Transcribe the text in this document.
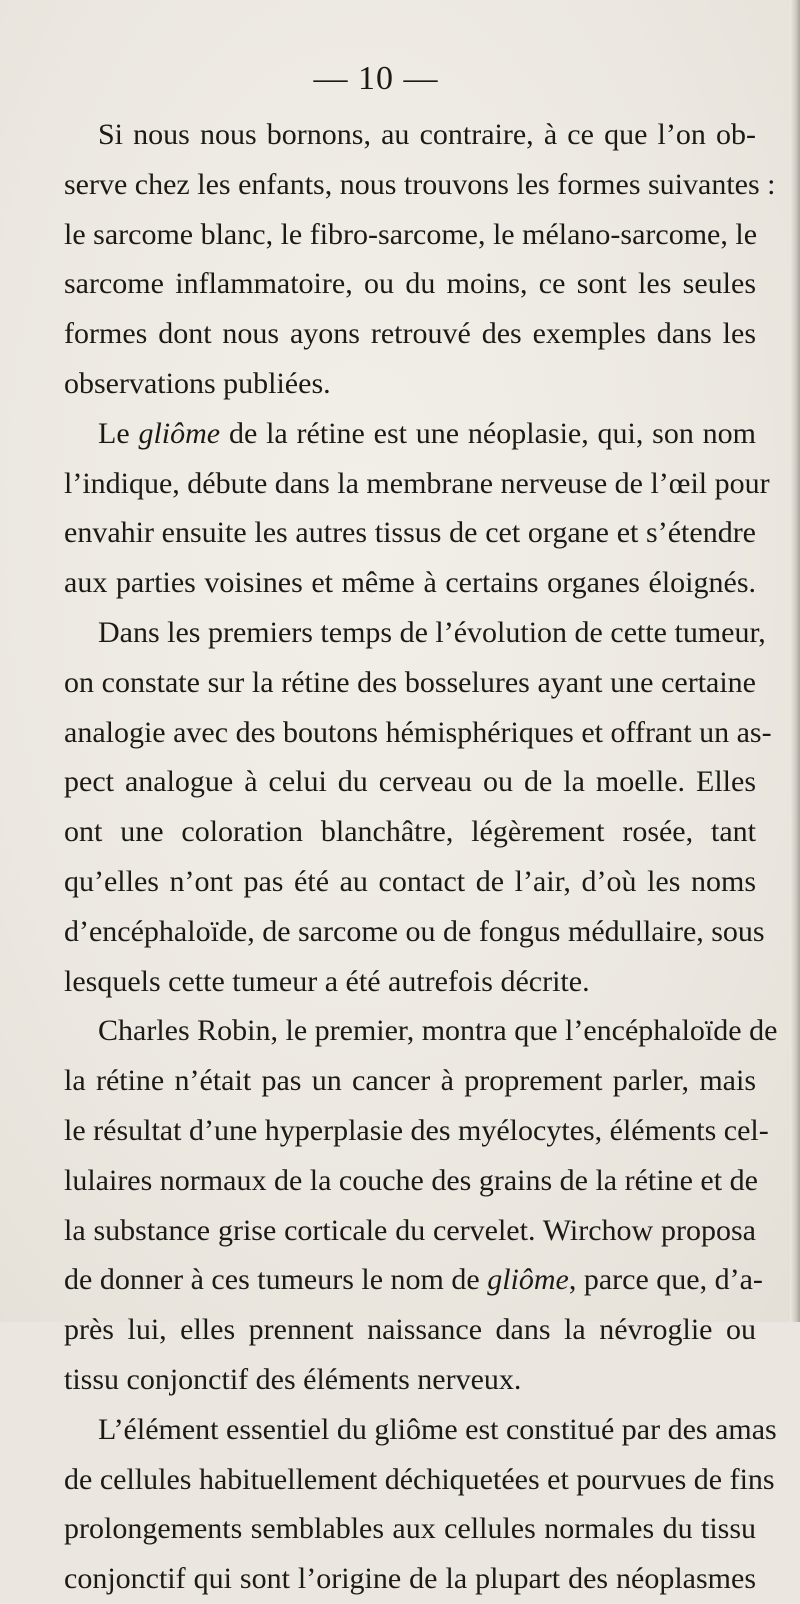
— 10 —
Si nous nous bornons, au contraire, à ce que l’on ob-
serve chez les enfants, nous trouvons les formes suivantes :
le sarcome blanc, le fibro-sarcome, le mélano-sarcome, le
sarcome inflammatoire, ou du moins, ce sont les seules
formes dont nous ayons retrouvé des exemples dans les
observations publiées.
Le gliôme de la rétine est une néoplasie, qui, son nom
l’indique, débute dans la membrane nerveuse de l’œil pour
envahir ensuite les autres tissus de cet organe et s’étendre
aux parties voisines et même à certains organes éloignés.
Dans les premiers temps de l’évolution de cette tumeur,
on constate sur la rétine des bosselures ayant une certaine
analogie avec des boutons hémisphériques et offrant un as-
pect analogue à celui du cerveau ou de la moelle. Elles
ont une coloration blanchâtre, légèrement rosée, tant
qu’elles n’ont pas été au contact de l’air, d’où les noms
d’encéphaloïde, de sarcome ou de fongus médullaire, sous
lesquels cette tumeur a été autrefois décrite.
Charles Robin, le premier, montra que l’encéphaloïde de
la rétine n’était pas un cancer à proprement parler, mais
le résultat d’une hyperplasie des myélocytes, éléments cel-
lulaires normaux de la couche des grains de la rétine et de
la substance grise corticale du cervelet. Wirchow proposa
de donner à ces tumeurs le nom de gliôme, parce que, d’a-
près lui, elles prennent naissance dans la névroglie ou
tissu conjonctif des éléments nerveux.
L’élément essentiel du gliôme est constitué par des amas
de cellules habituellement déchiquetées et pourvues de fins
prolongements semblables aux cellules normales du tissu
conjonctif qui sont l’origine de la plupart des néoplasmes
